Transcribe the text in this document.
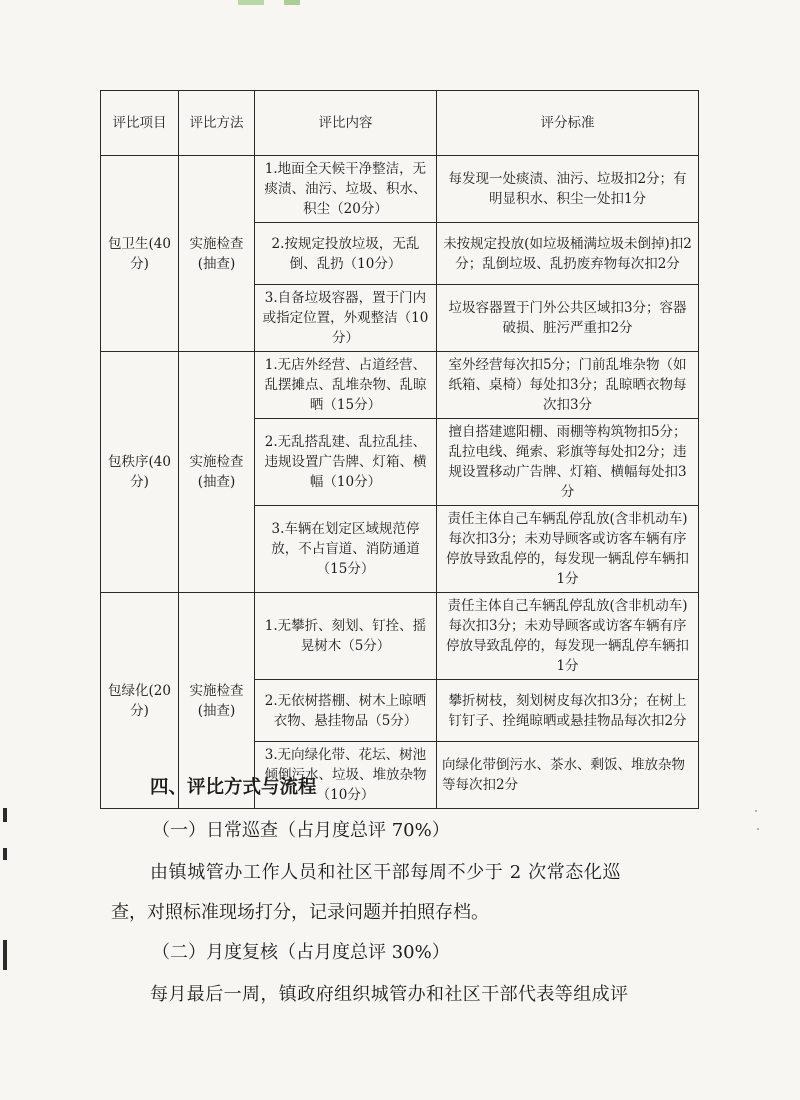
评比项目	评比方法	评比内容	评分标准
包卫生(40分)	实施检查(抽查)	1.地面全天候干净整洁，无痰渍、油污、垃圾、积水、积尘（20分）	每发现一处痰渍、油污、垃圾扣2分；有明显积水、积尘一处扣1分
		2.按规定投放垃圾，无乱倒、乱扔（10分）	未按规定投放(如垃圾桶满垃圾未倒掉)扣2分；乱倒垃圾、乱扔废弃物每次扣2分
		3.自备垃圾容器，置于门内或指定位置，外观整洁（10分）	垃圾容器置于门外公共区域扣3分；容器破损、脏污严重扣2分
包秩序(40分)	实施检查(抽查)	1.无店外经营、占道经营、乱摆摊点、乱堆杂物、乱晾晒（15分）	室外经营每次扣5分；门前乱堆杂物（如纸箱、桌椅）每处扣3分；乱晾晒衣物每次扣3分
		2.无乱搭乱建、乱拉乱挂、违规设置广告牌、灯箱、横幅（10分）	擅自搭建遮阳棚、雨棚等构筑物扣5分；乱拉电线、绳索、彩旗等每处扣2分；违规设置移动广告牌、灯箱、横幅每处扣3分
		3.车辆在划定区域规范停放，不占盲道、消防通道（15分）	责任主体自己车辆乱停乱放(含非机动车)每次扣3分；未劝导顾客或访客车辆有序停放导致乱停的，每发现一辆乱停车辆扣1分
包绿化(20分)	实施检查(抽查)	1.无攀折、刻划、钉拴、摇晃树木（5分）	责任主体自己车辆乱停乱放(含非机动车)每次扣3分；未劝导顾客或访客车辆有序停放导致乱停的，每发现一辆乱停车辆扣1分
		2.无依树搭棚、树木上晾晒衣物、悬挂物品（5分）	攀折树枝，刻划树皮每次扣3分；在树上钉钉子、拴绳晾晒或悬挂物品每次扣2分
		3.无向绿化带、花坛、树池倾倒污水、垃圾、堆放杂物（10分）	向绿化带倒污水、茶水、剩饭、堆放杂物等每次扣2分
四、评比方式与流程
（一）日常巡查（占月度总评 70%）
由镇城管办工作人员和社区干部每周不少于 2 次常态化巡
查，对照标准现场打分，记录问题并拍照存档。
（二）月度复核（占月度总评 30%）
每月最后一周，镇政府组织城管办和社区干部代表等组成评
